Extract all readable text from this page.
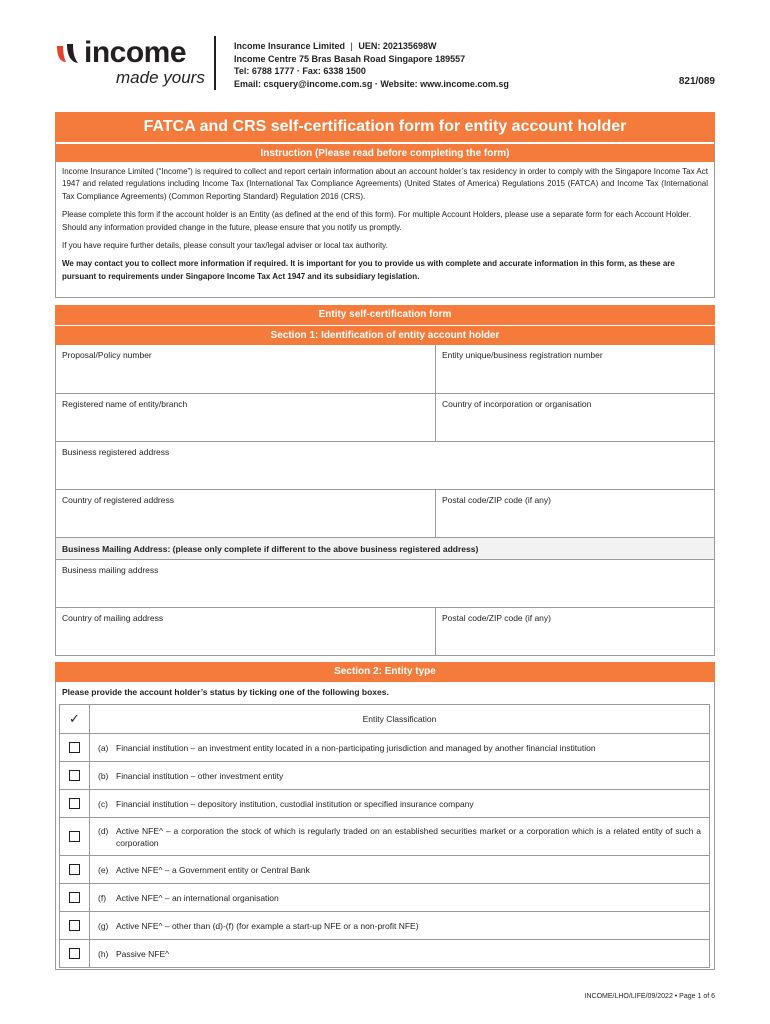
income
made yours
Income Insurance Limited | UEN: 202135698W
Income Centre 75 Bras Basah Road Singapore 189557
Tel: 6788 1777 · Fax: 6338 1500
Email: csquery@income.com.sg · Website: www.income.com.sg	821/089
FATCA and CRS self-certification form for entity account holder
Instruction (Please read before completing the form)

Income Insurance Limited (“Income”) is required to collect and report certain information about an account holder’s tax residency in order to comply with the Singapore Income Tax Act 1947 and related regulations including Income Tax (International Tax Compliance Agreements) (United States of America) Regulations 2015 (FATCA) and Income Tax (International Tax Compliance Agreements) (Common Reporting Standard) Regulation 2016 (CRS).

Please complete this form if the account holder is an Entity (as defined at the end of this form). For multiple Account Holders, please use a separate form for each Account Holder. Should any information provided change in the future, please ensure that you notify us promptly.

If you have require further details, please consult your tax/legal adviser or local tax authority.

We may contact you to collect more information if required. It is important for you to provide us with complete and accurate information in this form, as these are pursuant to requirements under Singapore Income Tax Act 1947 and its subsidiary legislation.

Entity self-certification form
Section 1: Identification of entity account holder
Proposal/Policy number	Entity unique/business registration number
Registered name of entity/branch	Country of incorporation or organisation
Business registered address
Country of registered address	Postal code/ZIP code (if any)
Business Mailing Address: (please only complete if different to the above business registered address)
Business mailing address
Country of mailing address	Postal code/ZIP code (if any)
Section 2: Entity type
Please provide the account holder’s status by ticking one of the following boxes.
✓	Entity Classification
(a) Financial institution – an investment entity located in a non-participating jurisdiction and managed by another financial institution
(b) Financial institution – other investment entity
(c) Financial institution – depository institution, custodial institution or specified insurance company
(d) Active NFE^ – a corporation the stock of which is regularly traded on an established securities market or a corporation which is a related entity of such a corporation
(e) Active NFE^ – a Government entity or Central Bank
(f)	Active NFE^ – an international organisation
(g) Active NFE^ – other than (d)-(f) (for example a start-up NFE or a non-profit NFE)
(h) Passive NFE^
INCOME/LHO/LIFE/09/2022 • Page 1 of 6
